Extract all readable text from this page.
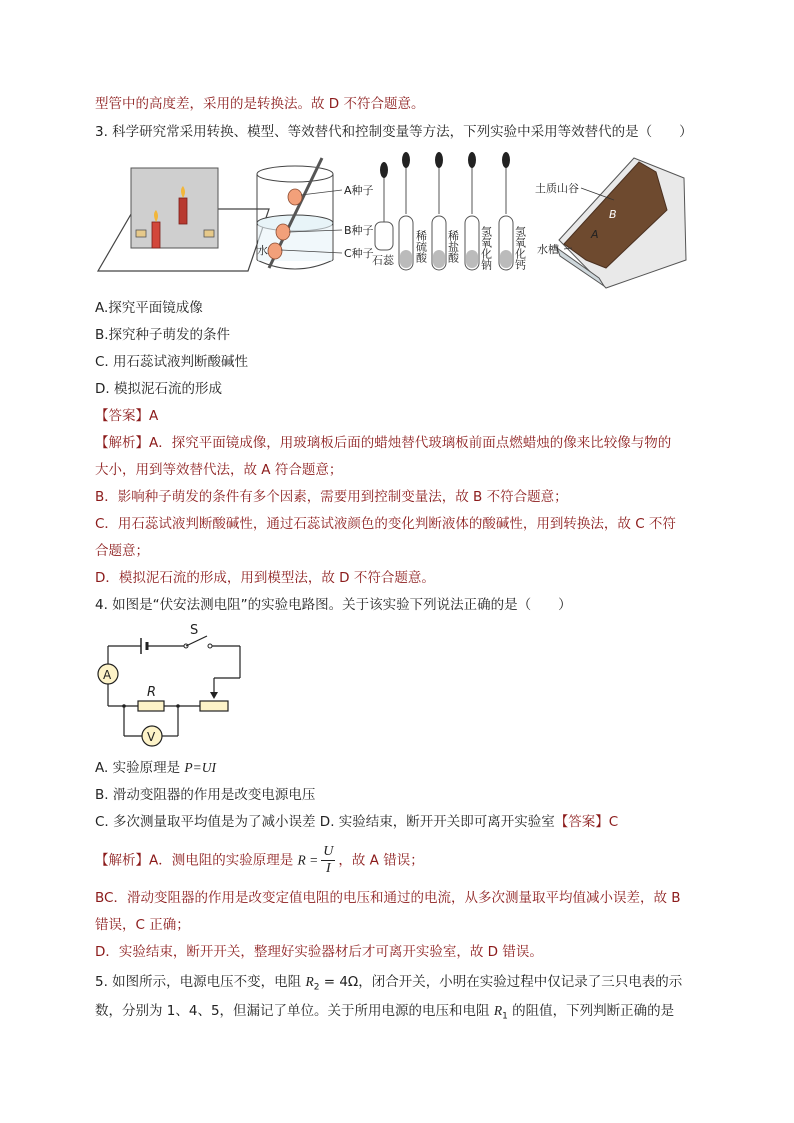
型管中的高度差，采用的是转换法。故 D 不符合题意。
3. 科学研究常采用转换、模型、等效替代和控制变量等方法，下列实验中采用等效替代的是（　　）
A种子
B种子
C种子
水
石蕊 稀硫酸 稀盐酸 氢氧化钠 氢氧化钙
土质山谷
水槽
B
A
A.探究平面镜成像
B.探究种子萌发的条件
C. 用石蕊试液判断酸碱性
D. 模拟泥石流的形成
【答案】A
【解析】A．探究平面镜成像，用玻璃板后面的蜡烛替代玻璃板前面点燃蜡烛的像来比较像与物的
大小，用到等效替代法，故 A 符合题意；
B．影响种子萌发的条件有多个因素，需要用到控制变量法，故 B 不符合题意；
C．用石蕊试液判断酸碱性，通过石蕊试液颜色的变化判断液体的酸碱性，用到转换法，故 C 不符
合题意；
D．模拟泥石流的形成，用到模型法，故 D 不符合题意。
4. 如图是“伏安法测电阻”的实验电路图。关于该实验下列说法正确的是（　　）
S
A
R
V
A. 实验原理是 P=UI
B. 滑动变阻器的作用是改变电源电压
C. 多次测量取平均值是为了减小误差 D. 实验结束，断开开关即可离开实验室【答案】C
【解析】A．测电阻的实验原理是 $R = \frac{U}{I}$ ，故 A 错误；
BC．滑动变阻器的作用是改变定值电阻的电压和通过的电流，从多次测量取平均值减小误差，故 B
错误，C 正确；
D．实验结束，断开开关，整理好实验器材后才可离开实验室，故 D 错误。
5. 如图所示，电源电压不变，电阻 $R_2 = 4\Omega$，闭合开关，小明在实验过程中仅记录了三只电表的示
数，分别为 1、4、5，但漏记了单位。关于所用电源的电压和电阻 $R_1$ 的阻值，下列判断正确的是
